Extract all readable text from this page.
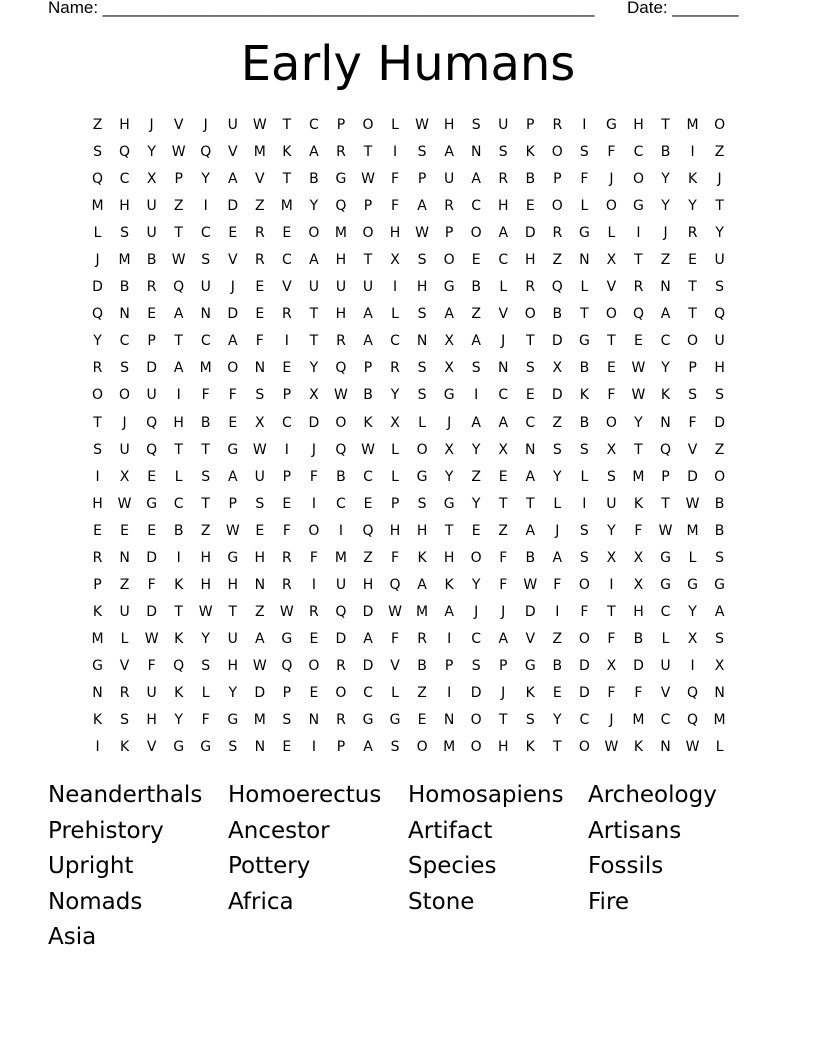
Name: ____________________________________________________ Date: _______
Early Humans
Z	H	J	V	J	U	W	T	C	P	O	L	W	H	S	U	P	R	I	G	H	T	M	O
S	Q	Y	W	Q	V	M	K	A	R	T	I	S	A	N	S	K	O	S	F	C	B	I	Z
Q	C	X	P	Y	A	V	T	B	G	W	F	P	U	A	R	B	P	F	J	O	Y	K	J
M	H	U	Z	I	D	Z	M	Y	Q	P	F	A	R	C	H	E	O	L	O	G	Y	Y	T
L	S	U	T	C	E	R	E	O	M	O	H	W	P	O	A	D	R	G	L	I	J	R	Y
J	M	B	W	S	V	R	C	A	H	T	X	S	O	E	C	H	Z	N	X	T	Z	E	U
D	B	R	Q	U	J	E	V	U	U	U	I	H	G	B	L	R	Q	L	V	R	N	T	S
Q	N	E	A	N	D	E	R	T	H	A	L	S	A	Z	V	O	B	T	O	Q	A	T	Q
Y	C	P	T	C	A	F	I	T	R	A	C	N	X	A	J	T	D	G	T	E	C	O	U
R	S	D	A	M	O	N	E	Y	Q	P	R	S	X	S	N	S	X	B	E	W	Y	P	H
O	O	U	I	F	F	S	P	X	W	B	Y	S	G	I	C	E	D	K	F	W	K	S	S
T	J	Q	H	B	E	X	C	D	O	K	X	L	J	A	A	C	Z	B	O	Y	N	F	D
S	U	Q	T	T	G	W	I	J	Q	W	L	O	X	Y	X	N	S	S	X	T	Q	V	Z
I	X	E	L	S	A	U	P	F	B	C	L	G	Y	Z	E	A	Y	L	S	M	P	D	O
H	W	G	C	T	P	S	E	I	C	E	P	S	G	Y	T	T	L	I	U	K	T	W	B
E	E	E	B	Z	W	E	F	O	I	Q	H	H	T	E	Z	A	J	S	Y	F	W	M	B
R	N	D	I	H	G	H	R	F	M	Z	F	K	H	O	F	B	A	S	X	X	G	L	S
P	Z	F	K	H	H	N	R	I	U	H	Q	A	K	Y	F	W	F	O	I	X	G	G	G
K	U	D	T	W	T	Z	W	R	Q	D	W	M	A	J	J	D	I	F	T	H	C	Y	A
M	L	W	K	Y	U	A	G	E	D	A	F	R	I	C	A	V	Z	O	F	B	L	X	S
G	V	F	Q	S	H	W	Q	O	R	D	V	B	P	S	P	G	B	D	X	D	U	I	X
N	R	U	K	L	Y	D	P	E	O	C	L	Z	I	D	J	K	E	D	F	F	V	Q	N
K	S	H	Y	F	G	M	S	N	R	G	G	E	N	O	T	S	Y	C	J	M	C	Q	M
I	K	V	G	G	S	N	E	I	P	A	S	O	M	O	H	K	T	O	W	K	N	W	L
Neanderthals Homoerectus Homosapiens Archeology
Prehistory	Ancestor	Artifact	Artisans
Upright	Pottery	Species	Fossils
Nomads	Africa	Stone	Fire
Asia
